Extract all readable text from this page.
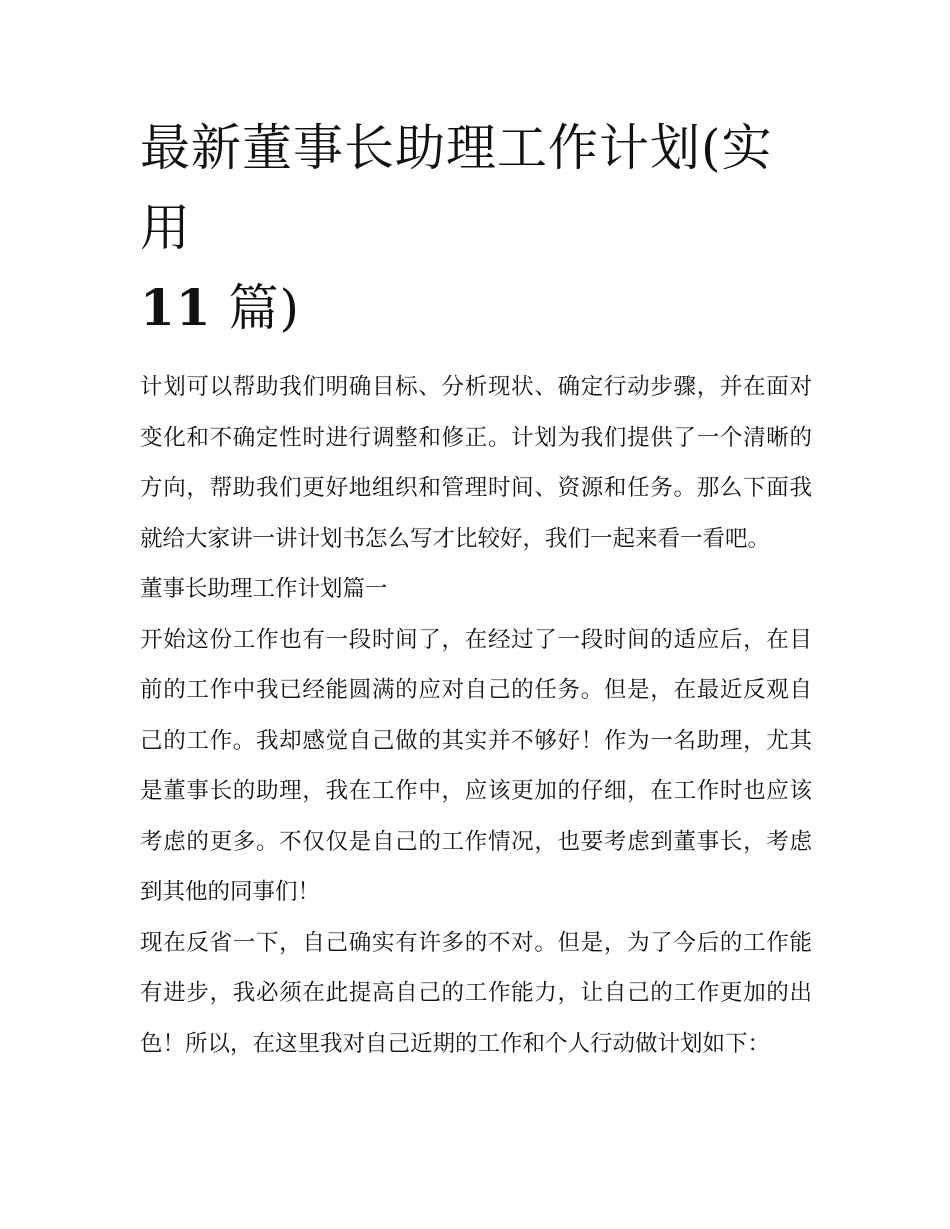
最新董事长助理工作计划(实用
11 篇)

计划可以帮助我们明确目标、分析现状、确定行动步骤，并在面对变化和不确定性时进行调整和修正。计划为我们提供了一个清晰的方向，帮助我们更好地组织和管理时间、资源和任务。那么下面我就给大家讲一讲计划书怎么写才比较好，我们一起来看一看吧。

董事长助理工作计划篇一

开始这份工作也有一段时间了，在经过了一段时间的适应后，在目前的工作中我已经能圆满的应对自己的任务。但是，在最近反观自己的工作。我却感觉自己做的其实并不够好！作为一名助理，尤其是董事长的助理，我在工作中，应该更加的仔细，在工作时也应该考虑的更多。不仅仅是自己的工作情况，也要考虑到董事长，考虑到其他的同事们！

现在反省一下，自己确实有许多的不对。但是，为了今后的工作能有进步，我必须在此提高自己的工作能力，让自己的工作更加的出色！所以，在这里我对自己近期的工作和个人行动做计划如下：
